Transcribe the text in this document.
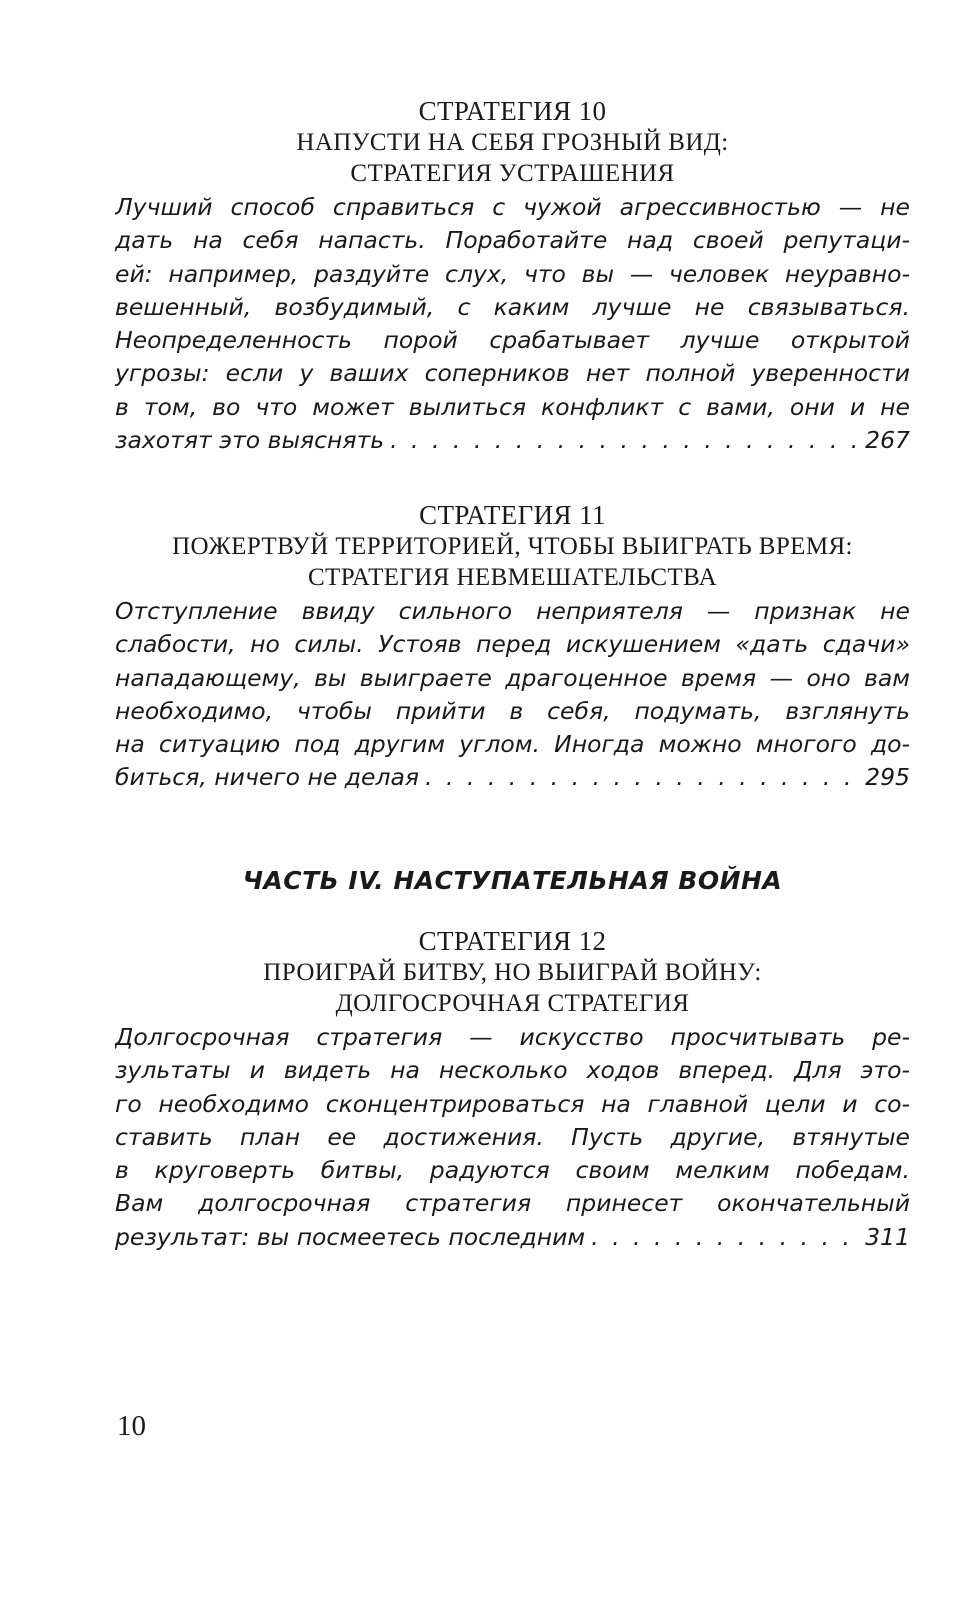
СТРАТЕГИЯ 10
НАПУСТИ НА СЕБЯ ГРОЗНЫЙ ВИД:
СТРАТЕГИЯ УСТРАШЕНИЯ
Лучший способ справиться с чужой агрессивностью — не
дать на себя напасть. Поработайте над своей репутаци-
ей: например, раздуйте слух, что вы — человек неуравно-
вешенный, возбудимый, с каким лучше не связываться.
Неопределенность порой срабатывает лучше открытой
угрозы: если у ваших соперников нет полной уверенности
в том, во что может вылиться конфликт с вами, они и не
захотят это выяснять . . .	267
СТРАТЕГИЯ 11
ПОЖЕРТВУЙ ТЕРРИТОРИЕЙ, ЧТОБЫ ВЫИГРАТЬ ВРЕМЯ:
СТРАТЕГИЯ НЕВМЕШАТЕЛЬСТВА
Отступление ввиду сильного неприятеля — признак не
слабости, но силы. Устояв перед искушением «дать сдачи»
нападающему, вы выиграете драгоценное время — оно вам
необходимо, чтобы прийти в себя, подумать, взглянуть
на ситуацию под другим углом. Иногда можно многого до-
биться, ничего не делая . . .	295
ЧАСТЬ IV. НАСТУПАТЕЛЬНАЯ ВОЙНА
СТРАТЕГИЯ 12
ПРОИГРАЙ БИТВУ, НО ВЫИГРАЙ ВОЙНУ:
ДОЛГОСРОЧНАЯ СТРАТЕГИЯ
Долгосрочная стратегия — искусство просчитывать ре-
зультаты и видеть на несколько ходов вперед. Для это-
го необходимо сконцентрироваться на главной цели и со-
ставить план ее достижения. Пусть другие, втянутые
в круговерть битвы, радуются своим мелким победам.
Вам долгосрочная стратегия принесет окончательный
результат: вы посмеетесь последним . . .	311
10
